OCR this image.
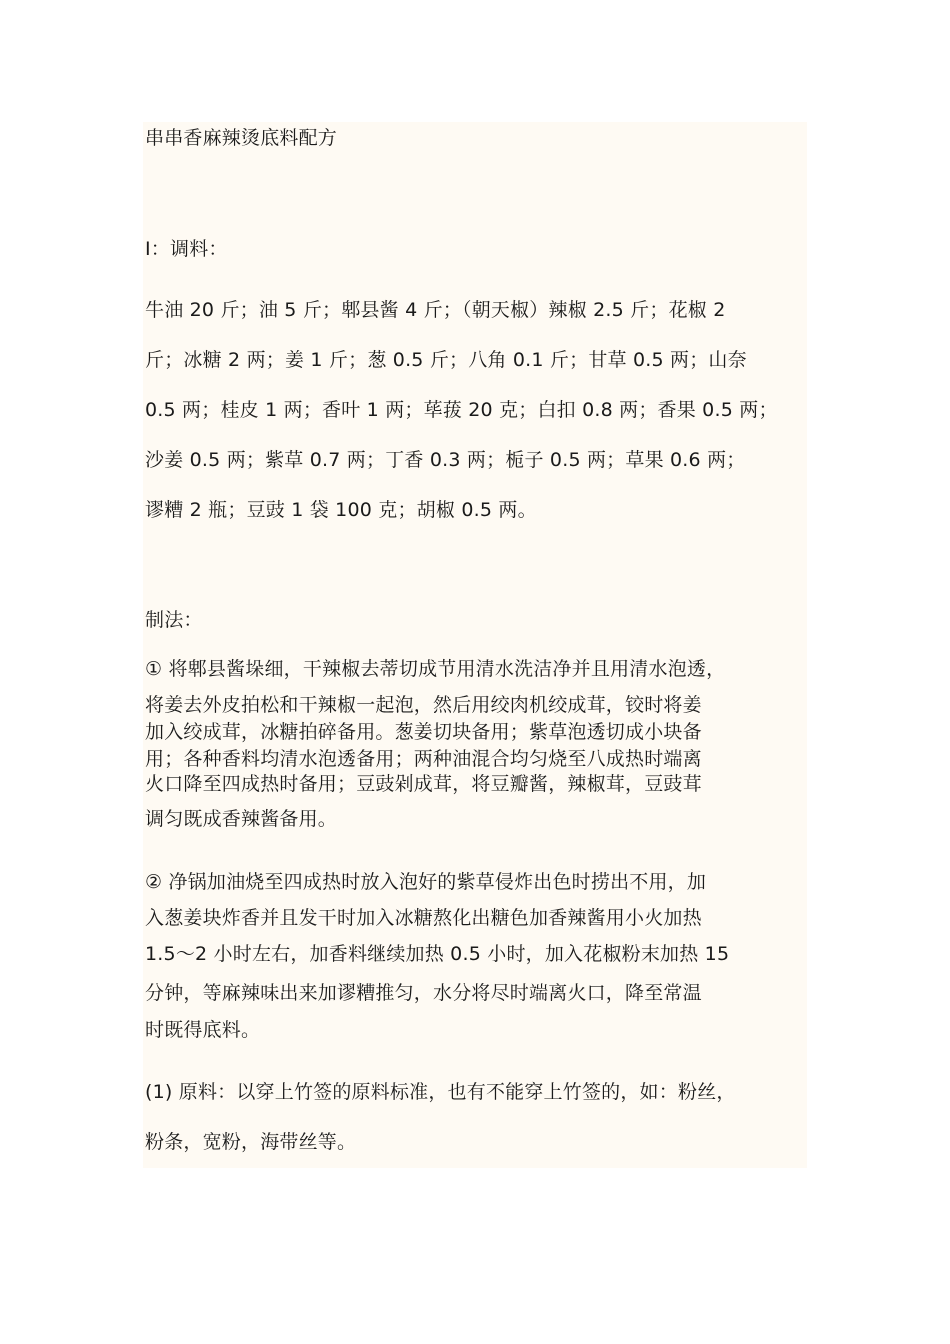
串串香麻辣烫底料配方
I：调料：
牛油 20 斤；油 5 斤；郫县酱 4 斤；（朝天椒）辣椒 2.5 斤；花椒 2
斤；冰糖 2 两；姜 1 斤；葱 0.5 斤；八角 0.1 斤；甘草 0.5 两；山奈
0.5 两；桂皮 1 两；香叶 1 两；荜菝 20 克；白扣 0.8 两；香果 0.5 两；
沙姜 0.5 两；紫草 0.7 两；丁香 0.3 两；栀子 0.5 两；草果 0.6 两；
谬糟 2 瓶；豆豉 1 袋 100 克；胡椒 0.5 两。
制法：
① 将郫县酱垛细，干辣椒去蒂切成节用清水洗洁净并且用清水泡透，
将姜去外皮拍松和干辣椒一起泡，然后用绞肉机绞成茸，铰时将姜
加入绞成茸，冰糖拍碎备用。葱姜切块备用；紫草泡透切成小块备
用；各种香料均清水泡透备用；两种油混合均匀烧至八成热时端离
火口降至四成热时备用；豆豉剁成茸，将豆瓣酱，辣椒茸，豆豉茸
调匀既成香辣酱备用。
② 净锅加油烧至四成热时放入泡好的紫草侵炸出色时捞出不用，加
入葱姜块炸香并且发干时加入冰糖熬化出糖色加香辣酱用小火加热
1.5～2 小时左右，加香料继续加热 0.5 小时，加入花椒粉末加热 15
分钟，等麻辣味出来加谬糟推匀，水分将尽时端离火口，降至常温
时既得底料。
(1) 原料：以穿上竹签的原料标准，也有不能穿上竹签的，如：粉丝，
粉条，宽粉，海带丝等。
